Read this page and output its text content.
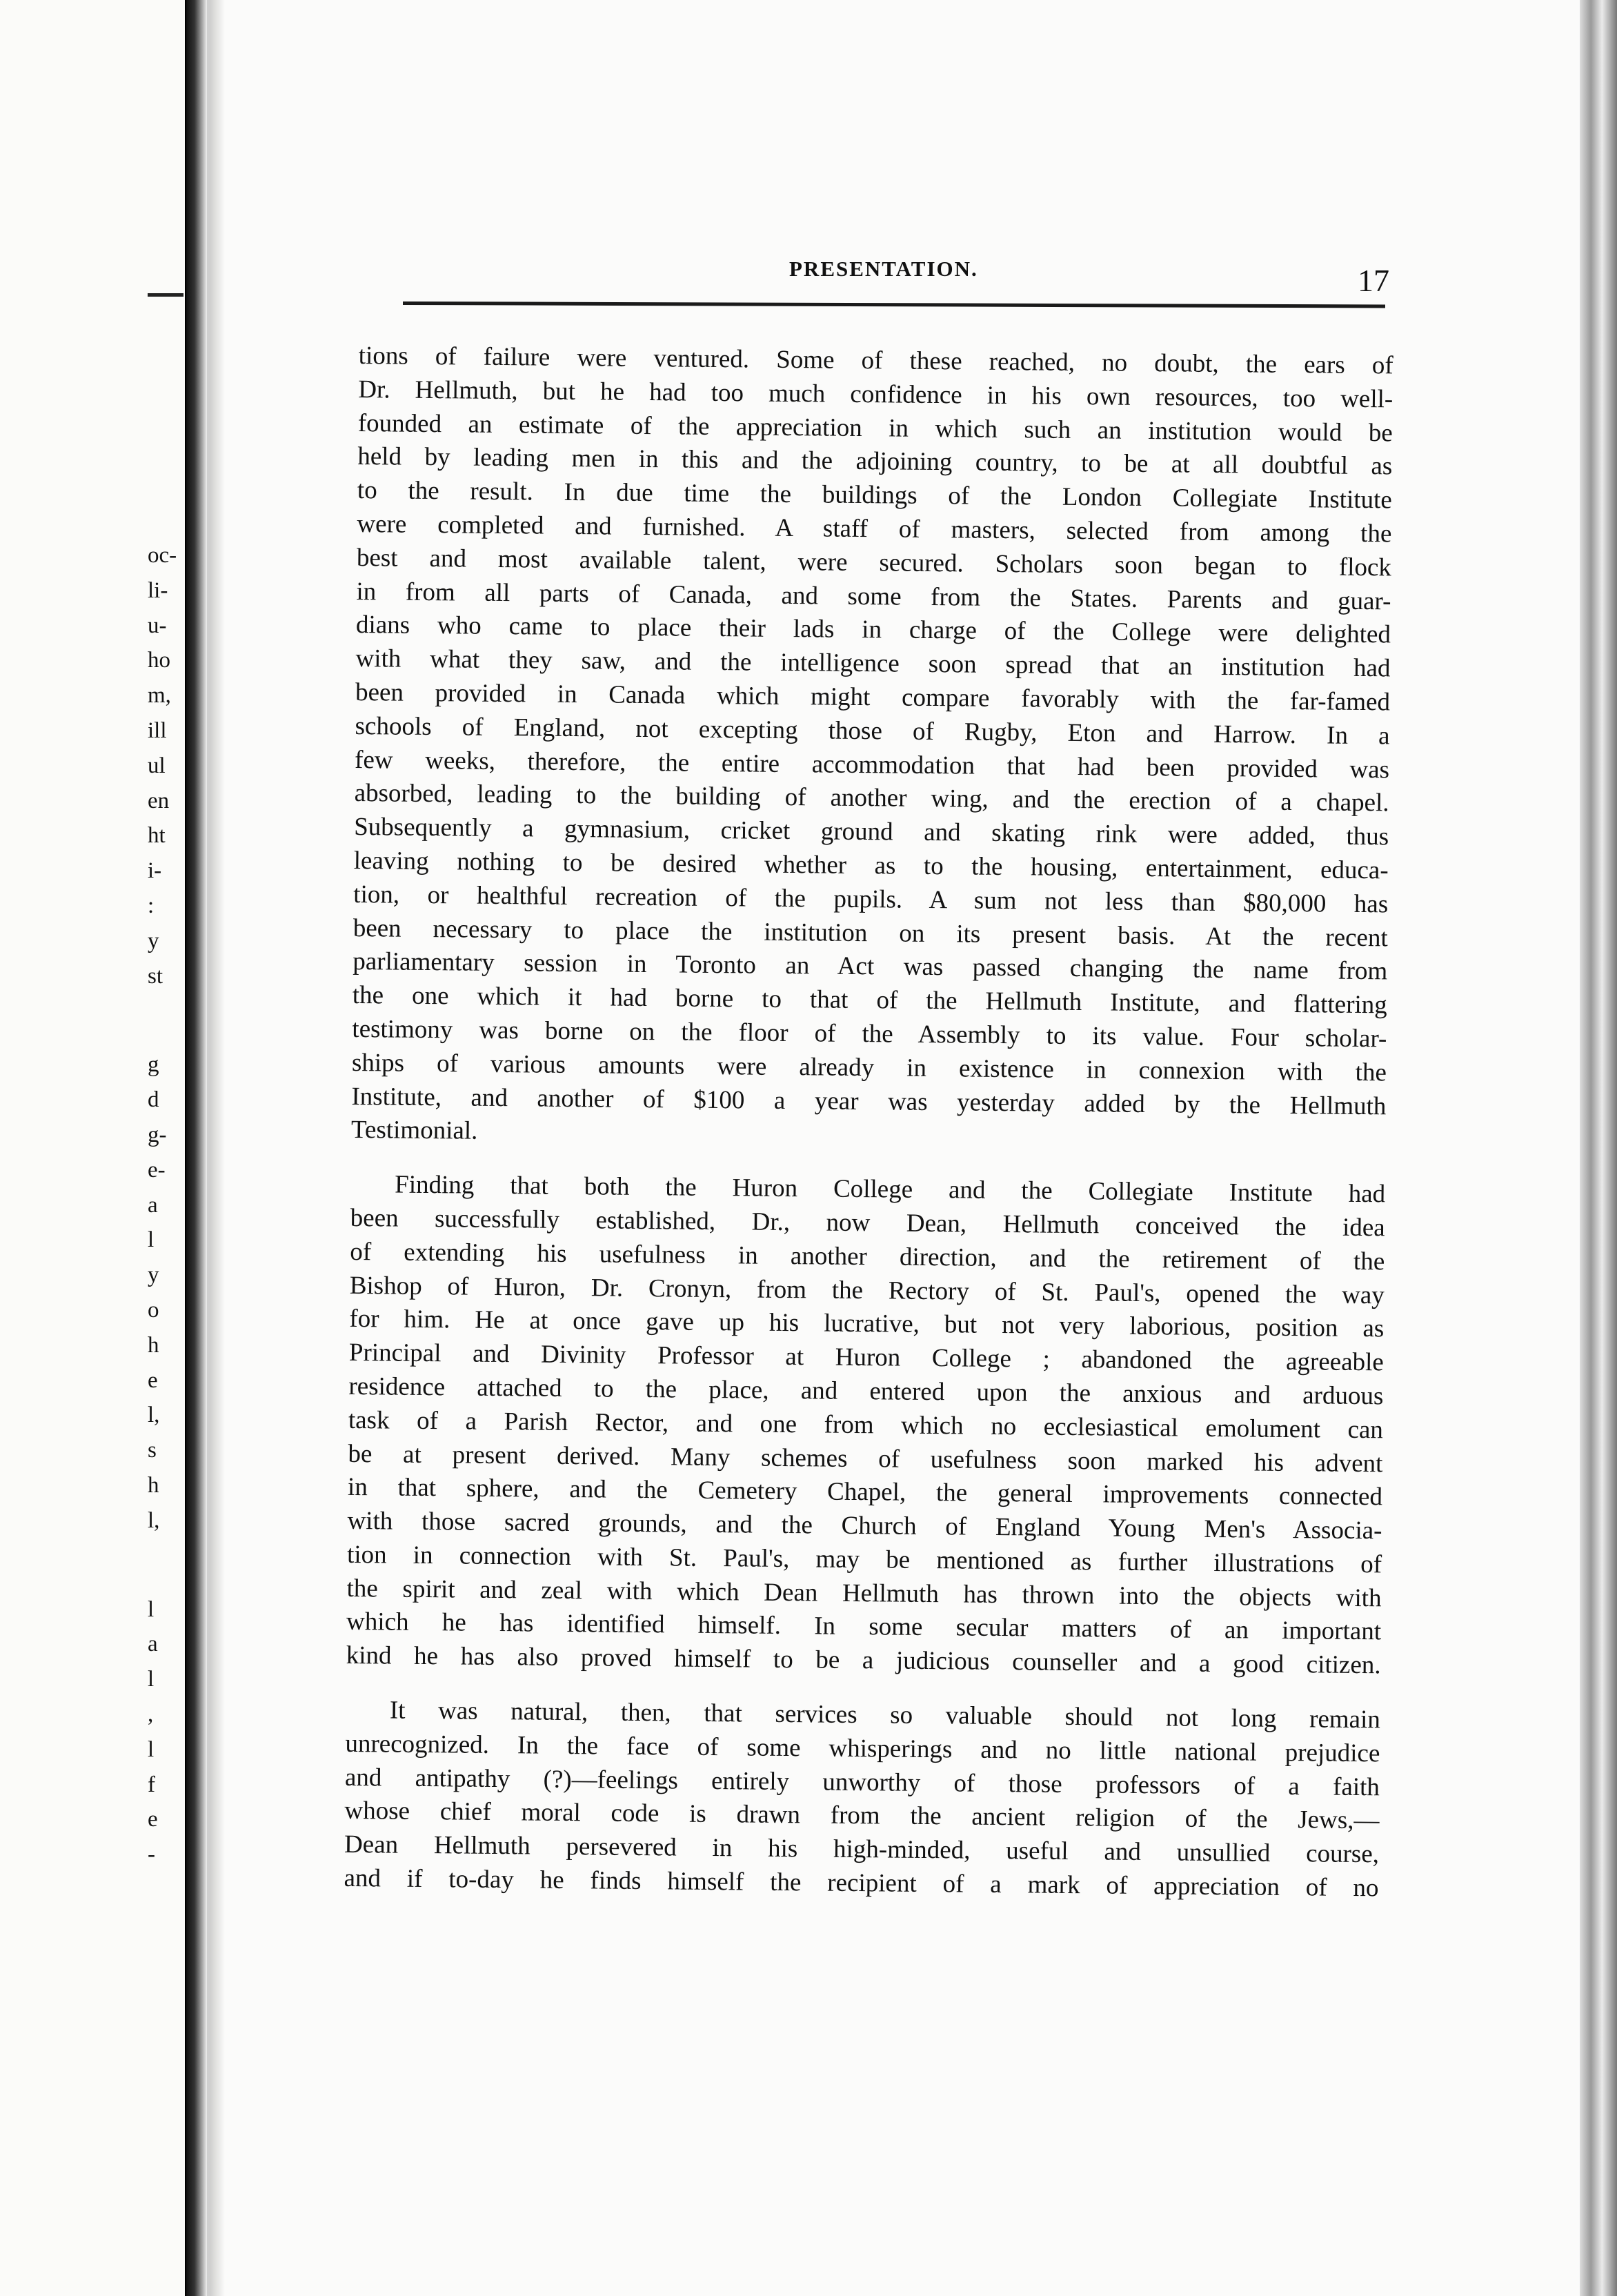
oc-
li-
u-
ho
m,
ill
ul
en
ht
i-
:
y
st
g
d
g-
e-
a
l
y
o
h
e
l,
s
h
l,
l
a
l
,
l
f
e
-
PRESENTATION.	17
tions of failure were ventured. Some of these reached, no doubt, the ears of
Dr. Hellmuth, but he had too much confidence in his own resources, too well-
founded an estimate of the appreciation in which such an institution would be
held by leading men in this and the adjoining country, to be at all doubtful as
to the result. In due time the buildings of the London Collegiate Institute
were completed and furnished. A staff of masters, selected from among the
best and most available talent, were secured. Scholars soon began to flock
in from all parts of Canada, and some from the States. Parents and guar-
dians who came to place their lads in charge of the College were delighted
with what they saw, and the intelligence soon spread that an institution had
been provided in Canada which might compare favorably with the far-famed
schools of England, not excepting those of Rugby, Eton and Harrow. In a
few weeks, therefore, the entire accommodation that had been provided was
absorbed, leading to the building of another wing, and the erection of a chapel.
Subsequently a gymnasium, cricket ground and skating rink were added, thus
leaving nothing to be desired whether as to the housing, entertainment, educa-
tion, or healthful recreation of the pupils. A sum not less than $80,000 has
been necessary to place the institution on its present basis. At the recent
parliamentary session in Toronto an Act was passed changing the name from
the one which it had borne to that of the Hellmuth Institute, and flattering
testimony was borne on the floor of the Assembly to its value. Four scholar-
ships of various amounts were already in existence in connexion with the
Institute, and another of $100 a year was yesterday added by the Hellmuth
Testimonial.
Finding that both the Huron College and the Collegiate Institute had
been successfully established, Dr., now Dean, Hellmuth conceived the idea
of extending his usefulness in another direction, and the retirement of the
Bishop of Huron, Dr. Cronyn, from the Rectory of St. Paul's, opened the way
for him. He at once gave up his lucrative, but not very laborious, position as
Principal and Divinity Professor at Huron College ; abandoned the agreeable
residence attached to the place, and entered upon the anxious and arduous
task of a Parish Rector, and one from which no ecclesiastical emolument can
be at present derived. Many schemes of usefulness soon marked his advent
in that sphere, and the Cemetery Chapel, the general improvements connected
with those sacred grounds, and the Church of England Young Men's Associa-
tion in connection with St. Paul's, may be mentioned as further illustrations of
the spirit and zeal with which Dean Hellmuth has thrown into the objects with
which he has identified himself. In some secular matters of an important
kind he has also proved himself to be a judicious counseller and a good citizen.
It was natural, then, that services so valuable should not long remain
unrecognized. In the face of some whisperings and no little national prejudice
and antipathy (?)—feelings entirely unworthy of those professors of a faith
whose chief moral code is drawn from the ancient religion of the Jews,—
Dean Hellmuth persevered in his high-minded, useful and unsullied course,
and if to-day he finds himself the recipient of a mark of appreciation of no
